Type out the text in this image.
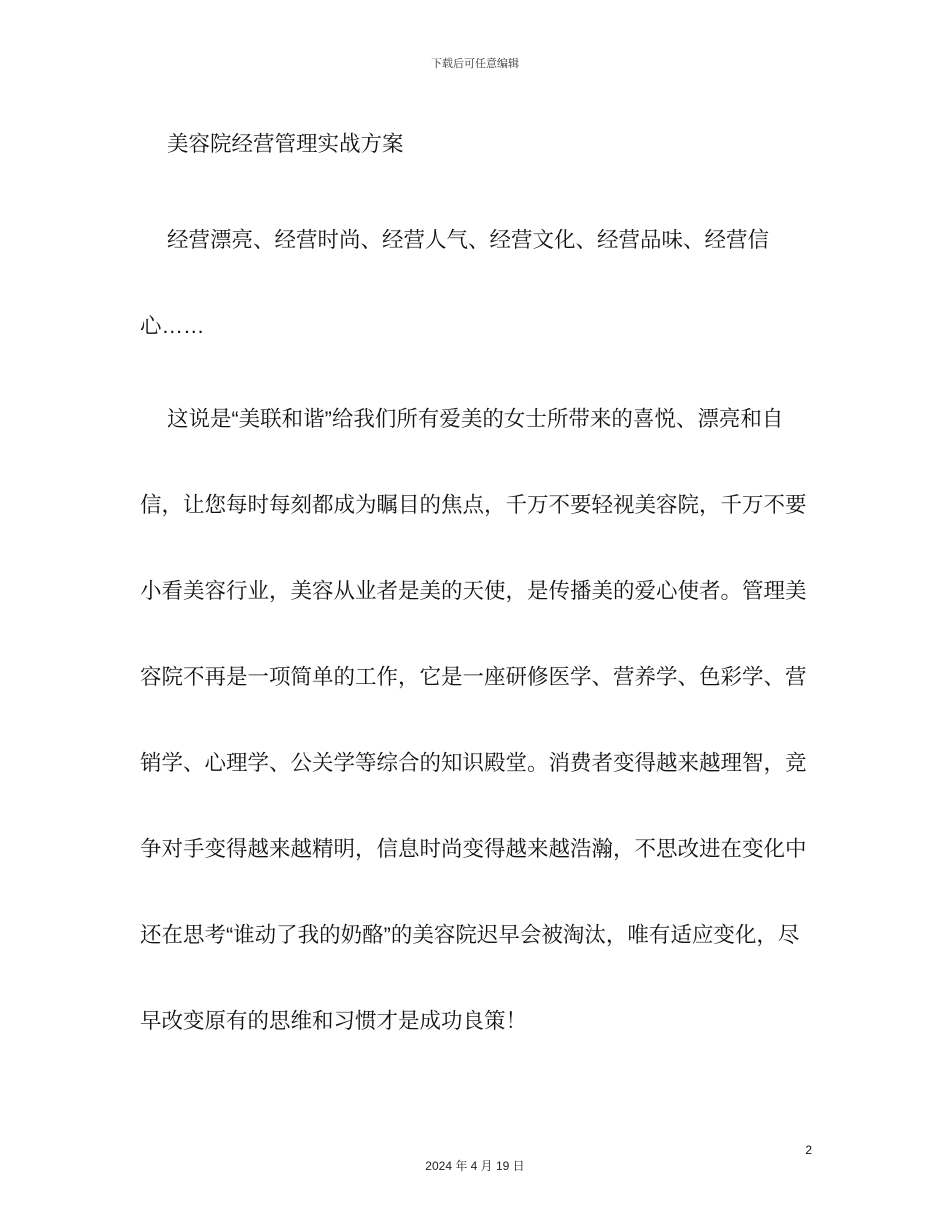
下载后可任意编辑

美容院经营管理实战方案

经营漂亮、经营时尚、经营人气、经营文化、经营品味、经营信心……

这说是“美联和谐”给我们所有爱美的女士所带来的喜悦、漂亮和自信，让您每时每刻都成为瞩目的焦点，千万不要轻视美容院，千万不要小看美容行业，美容从业者是美的天使，是传播美的爱心使者。管理美容院不再是一项简单的工作，它是一座研修医学、营养学、色彩学、营销学、心理学、公关学等综合的知识殿堂。消费者变得越来越理智，竞争对手变得越来越精明，信息时尚变得越来越浩瀚，不思改进在变化中还在思考“谁动了我的奶酪”的美容院迟早会被淘汰，唯有适应变化，尽早改变原有的思维和习惯才是成功良策！

2
2024 年 4 月 19 日
